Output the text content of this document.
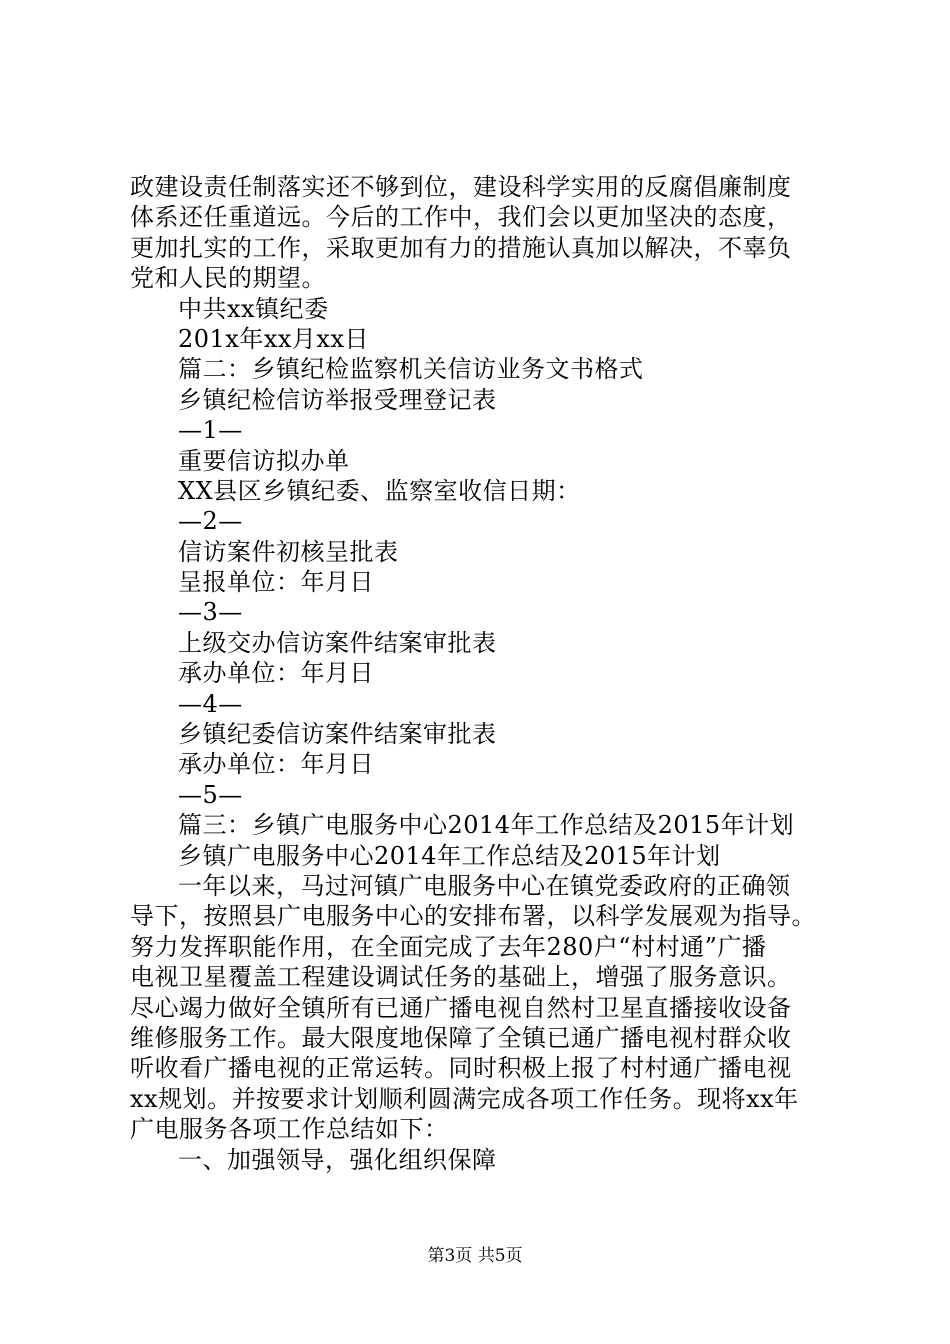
政建设责任制落实还不够到位，建设科学实用的反腐倡廉制度
体系还任重道远。今后的工作中，我们会以更加坚决的态度，
更加扎实的工作，采取更加有力的措施认真加以解决，不辜负
党和人民的期望。
中共xx镇纪委
201x年xx月xx日
篇二：乡镇纪检监察机关信访业务文书格式
乡镇纪检信访举报受理登记表
—1—
重要信访拟办单
XX县区乡镇纪委、监察室收信日期：
—2—
信访案件初核呈批表
呈报单位：年月日
—3—
上级交办信访案件结案审批表
承办单位：年月日
—4—
乡镇纪委信访案件结案审批表
承办单位：年月日
—5—
篇三：乡镇广电服务中心2014年工作总结及2015年计划
乡镇广电服务中心2014年工作总结及2015年计划
一年以来，马过河镇广电服务中心在镇党委政府的正确领
导下，按照县广电服务中心的安排布署，以科学发展观为指导。
努力发挥职能作用，在全面完成了去年280户“村村通”广播
电视卫星覆盖工程建设调试任务的基础上，增强了服务意识。
尽心竭力做好全镇所有已通广播电视自然村卫星直播接收设备
维修服务工作。最大限度地保障了全镇已通广播电视村群众收
听收看广播电视的正常运转。同时积极上报了村村通广播电视
xx规划。并按要求计划顺利圆满完成各项工作任务。现将xx年
广电服务各项工作总结如下：
一、加强领导，强化组织保障
第3页 共5页
